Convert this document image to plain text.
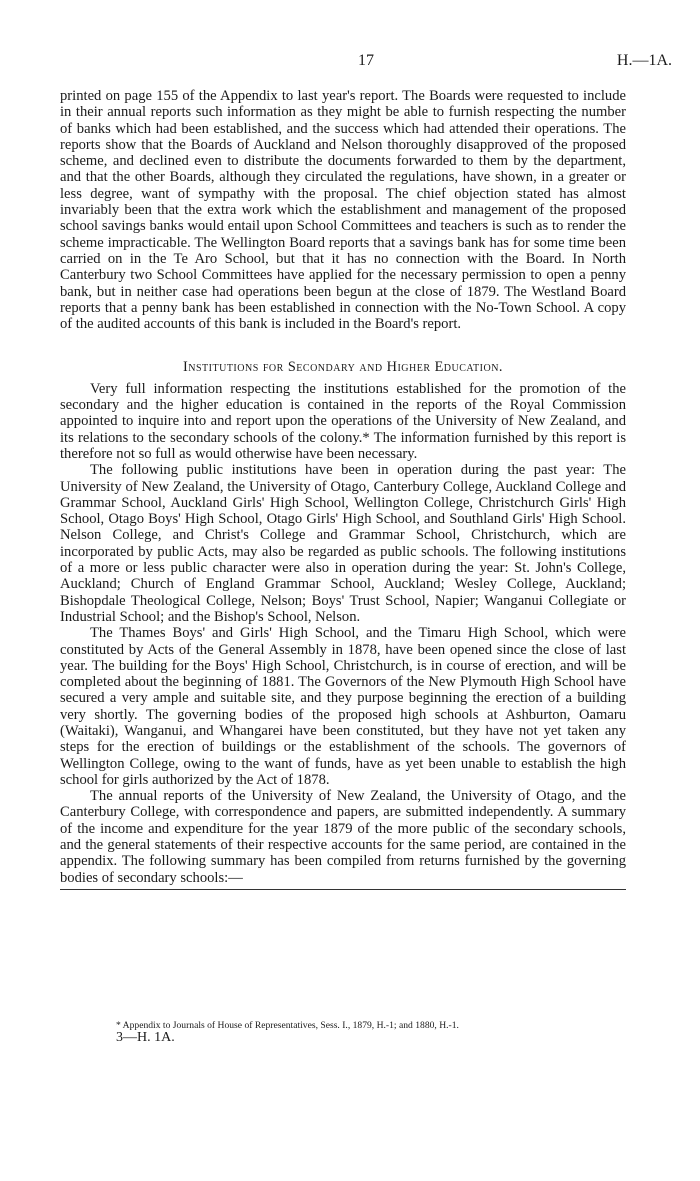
17	H.—1A.

printed on page 155 of the Appendix to last year's report. The Boards were requested to include in their annual reports such information as they might be able to furnish respecting the number of banks which had been established, and the success which had attended their operations. The reports show that the Boards of Auckland and Nelson thoroughly disapproved of the proposed scheme, and declined even to distribute the documents forwarded to them by the department, and that the other Boards, although they circulated the regulations, have shown, in a greater or less degree, want of sympathy with the proposal. The chief objection stated has almost invariably been that the extra work which the establishment and management of the proposed school savings banks would entail upon School Committees and teachers is such as to render the scheme impracticable. The Wellington Board reports that a savings bank has for some time been carried on in the Te Aro School, but that it has no connection with the Board. In North Canterbury two School Committees have applied for the necessary permission to open a penny bank, but in neither case had operations been begun at the close of 1879. The Westland Board reports that a penny bank has been established in connection with the No-Town School. A copy of the audited accounts of this bank is included in the Board's report.

Institutions for Secondary and Higher Education.

Very full information respecting the institutions established for the promotion of the secondary and the higher education is contained in the reports of the Royal Commission appointed to inquire into and report upon the operations of the University of New Zealand, and its relations to the secondary schools of the colony.* The information furnished by this report is therefore not so full as would otherwise have been necessary.

The following public institutions have been in operation during the past year: The University of New Zealand, the University of Otago, Canterbury College, Auckland College and Grammar School, Auckland Girls' High School, Wellington College, Christchurch Girls' High School, Otago Boys' High School, Otago Girls' High School, and Southland Girls' High School. Nelson College, and Christ's College and Grammar School, Christchurch, which are incorporated by public Acts, may also be regarded as public schools. The following institutions of a more or less public character were also in operation during the year: St. John's College, Auckland; Church of England Grammar School, Auckland; Wesley College, Auckland; Bishopdale Theological College, Nelson; Boys' Trust School, Napier; Wanganui Collegiate or Industrial School; and the Bishop's School, Nelson.

The Thames Boys' and Girls' High School, and the Timaru High School, which were constituted by Acts of the General Assembly in 1878, have been opened since the close of last year. The building for the Boys' High School, Christchurch, is in course of erection, and will be completed about the beginning of 1881. The Governors of the New Plymouth High School have secured a very ample and suitable site, and they purpose beginning the erection of a building very shortly. The governing bodies of the proposed high schools at Ashburton, Oamaru (Waitaki), Wanganui, and Whangarei have been constituted, but they have not yet taken any steps for the erection of buildings or the establishment of the schools. The governors of Wellington College, owing to the want of funds, have as yet been unable to establish the high school for girls authorized by the Act of 1878.

The annual reports of the University of New Zealand, the University of Otago, and the Canterbury College, with correspondence and papers, are submitted independently. A summary of the income and expenditure for the year 1879 of the more public of the secondary schools, and the general statements of their respective accounts for the same period, are contained in the appendix. The following summary has been compiled from returns furnished by the governing bodies of secondary schools:—

* Appendix to Journals of House of Representatives, Sess. I., 1879, H.-1; and 1880, H.-1.
3—H. 1A.
